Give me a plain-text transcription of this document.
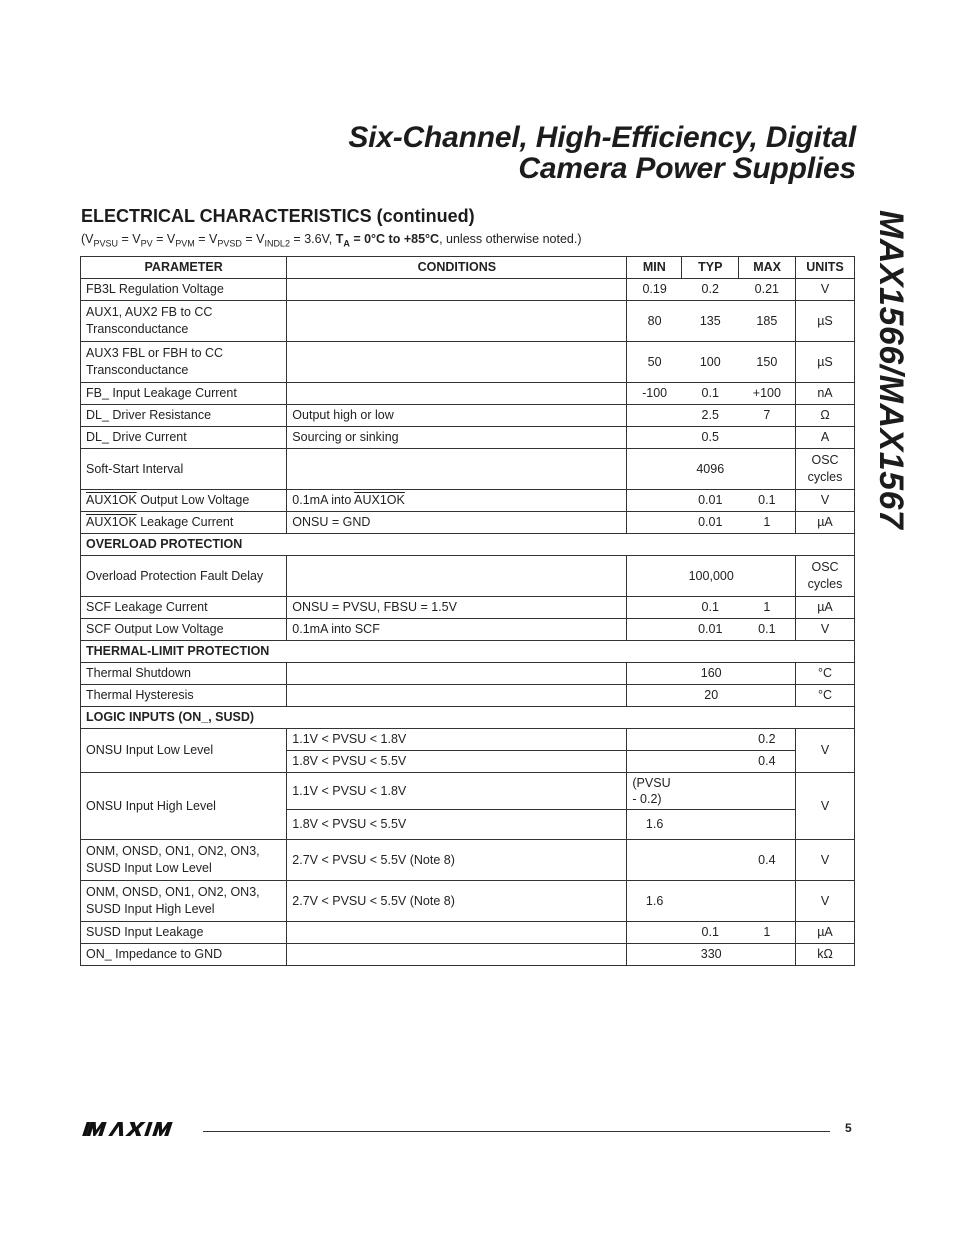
Six-Channel, High-Efficiency, Digital
Camera Power Supplies
MAX1566/MAX1567
ELECTRICAL CHARACTERISTICS (continued)
($V_{PVSU} = V_{PV} = V_{PVM} = V_{PVSD} = V_{INDL2} = 3.6V$, $T_A = 0^\circ C$ to +85°C, unless otherwise noted.)
PARAMETER	CONDITIONS	MIN	TYP	MAX	UNITS
FB3L Regulation Voltage		0.19	0.2	0.21	V
AUX1, AUX2 FB to CC Transconductance		80	135	185	µS
AUX3 FBL or FBH to CC Transconductance		50	100	150	µS
FB_ Input Leakage Current		-100	0.1	+100	nA
DL_ Driver Resistance	Output high or low		2.5	7	Ω
DL_ Drive Current	Sourcing or sinking		0.5		A
Soft-Start Interval			4096		OSC cycles
AUX1OK Output Low Voltage	0.1mA into AUX1OK		0.01	0.1	V
AUX1OK Leakage Current	ONSU = GND		0.01	1	µA
OVERLOAD PROTECTION					
Overload Protection Fault Delay		100,000			OSC cycles
SCF Leakage Current	ONSU = PVSU, FBSU = 1.5V		0.1	1	µA
SCF Output Low Voltage	0.1mA into SCF		0.01	0.1	V
THERMAL-LIMIT PROTECTION					
Thermal Shutdown		160			°C
Thermal Hysteresis		20			°C
LOGIC INPUTS (ON_, SUSD)					
ONSU Input Low Level	1.1V < PVSU < 1.8V			0.2	V
	1.8V < PVSU < 5.5V			0.4	
ONSU Input High Level	1.1V < PVSU < 1.8V	(PVSU - 0.2)			V
	1.8V < PVSU < 5.5V	1.6			
ONM, ONSD, ON1, ON2, ON3, SUSD Input Low Level	2.7V < PVSU < 5.5V (Note 8)			0.4	V
ONM, ONSD, ON1, ON2, ON3, SUSD Input High Level	2.7V < PVSU < 5.5V (Note 8)	1.6			V
SUSD Input Leakage			0.1	1	µA
ON_ Impedance to GND		330			kΩ
5
